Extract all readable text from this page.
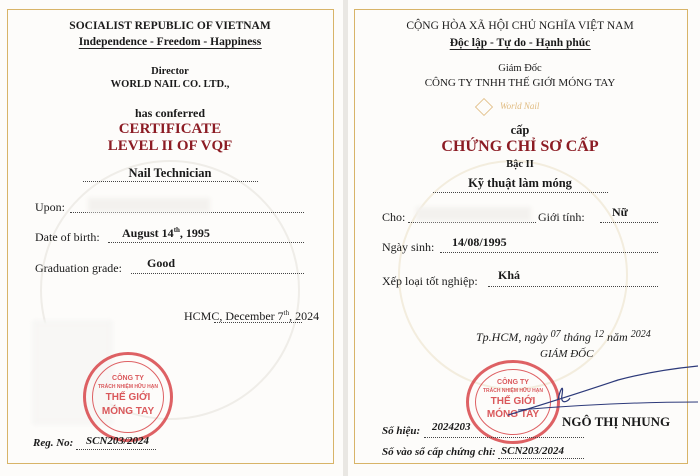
SOCIALIST REPUBLIC OF VIETNAM
Independence - Freedom - Happiness
Director
WORLD NAIL CO. LTD.,
has conferred
CERTIFICATE
LEVEL II OF VQF
Nail Technician
Upon:
Date of birth: August 14th, 1995
Graduation grade: Good
HCMC, December 7th, 2024
CÔNG TY
TRÁCH NHIỆM HỮU HẠN
THẾ GIỚI
MÓNG TAY
Reg. No: SCN203/2024
CỘNG HÒA XÃ HỘI CHỦ NGHĨA VIỆT NAM
Độc lập - Tự do - Hạnh phúc
Giám Đốc
CÔNG TY TNHH THẾ GIỚI MÓNG TAY
World Nail
cấp
CHỨNG CHỈ SƠ CẤP
Bậc II
Kỹ thuật làm móng
Cho:	Giới tính: Nữ
Ngày sinh: 14/08/1995
Xếp loại tốt nghiệp: Khá
Tp.HCM, ngày $^{07}$ tháng $^{12}$ năm $^{2024}$
GIÁM ĐỐC
CÔNG TY
TRÁCH NHIỆM HỮU HẠN
THẾ GIỚI
MÓNG TAY NGÔ THỊ NHUNG
Số hiệu: 2024203
Số vào sổ cấp chứng chỉ: SCN203/2024
